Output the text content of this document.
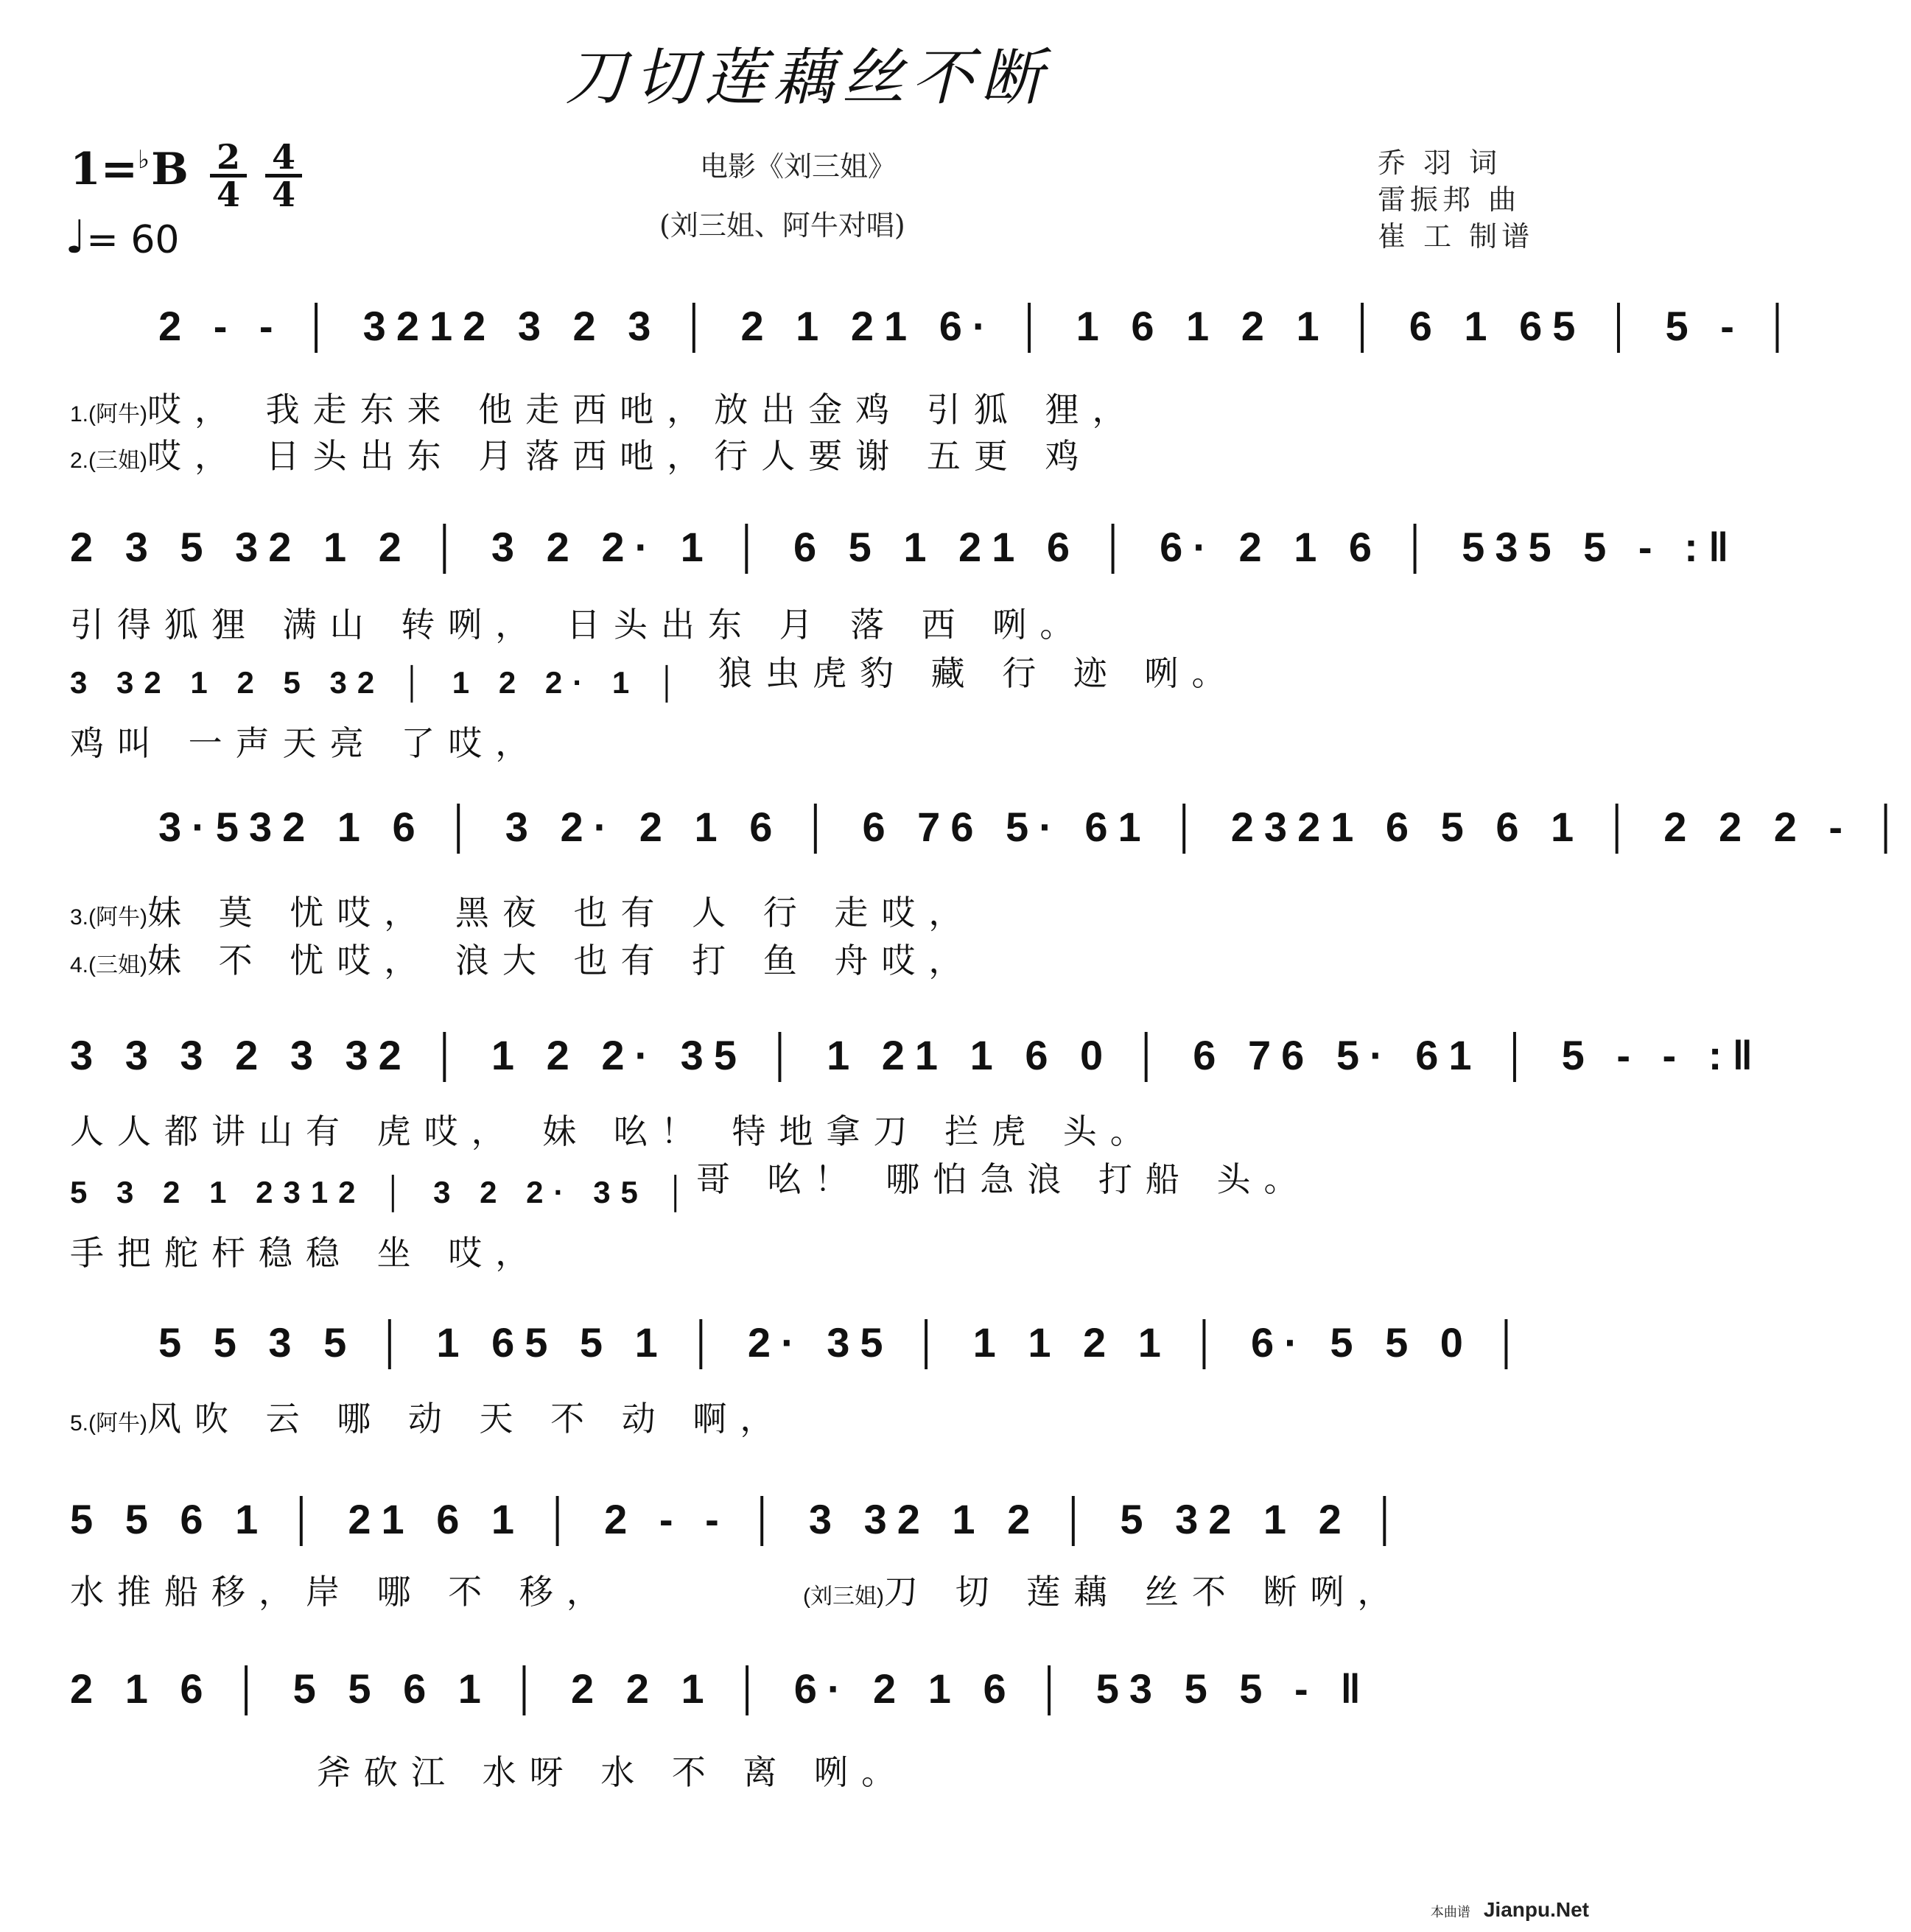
刀切莲藕丝不断
1=♭B 2
4
4
4
♩= 60
电影《刘三姐》
(刘三姐、阿牛对唱)
乔 羽 词
雷振邦 曲
崔 工 制谱
2 - - │ 3212 3 2 3 │ 2 1 21 6· │ 1 6 1 2 1 │ 6 1 65 │ 5 - │
1.(阿牛)哎， 我走东来 他走西吔，放出金鸡 引狐 狸，
2.(三姐)哎， 日头出东 月落西吔，行人要谢 五更 鸡
2 3 5 32 1 2 │ 3 2 2· 1 │ 6 5 1 21 6 │ 6· 2 1 6 │ 535 5 - :‖
引得狐狸 满山 转咧， 日头出东 月 落 西 咧。
3 32 1 2 5 32 │ 1 2 2· 1 │ 狼虫虎豹 藏 行 迹 咧。
鸡叫 一声天亮 了哎，
3·532 1 6 │ 3 2· 2 1 6 │ 6 76 5· 61 │ 2321 6 5 6 1 │ 2 2 2 - │
3.(阿牛)妹 莫 忧哎， 黑夜 也有 人 行 走哎，
4.(三姐)妹 不 忧哎， 浪大 也有 打 鱼 舟哎，
3 3 3 2 3 32 │ 1 2 2· 35 │ 1 21 1 6 0 │ 6 76 5· 61 │ 5 - - :‖
人人都讲山有 虎哎， 妹 吆！ 特地拿刀 拦虎 头。
5 3 2 1 2312 │ 3 2 2· 35 │ 哥 吆！ 哪怕急浪 打船 头。
手把舵杆稳稳 坐 哎，
5 5 3 5 │ 1 65 5 1 │ 2· 35 │ 1 1 2 1 │ 6· 5 5 0 │
5.(阿牛)风吹 云 哪 动 天 不 动 啊，
5 5 6 1 │ 21 6 1 │ 2 - - │ 3 32 1 2 │ 5 32 1 2 │
水推船移，岸 哪 不 移，	(刘三姐)刀 切 莲藕 丝不 断咧，
2 1 6 │ 5 5 6 1 │ 2 2 1 │ 6· 2 1 6 │ 53 5 5 - ‖
斧砍江 水呀 水 不 离 咧。
本曲谱 Jianpu.Net
